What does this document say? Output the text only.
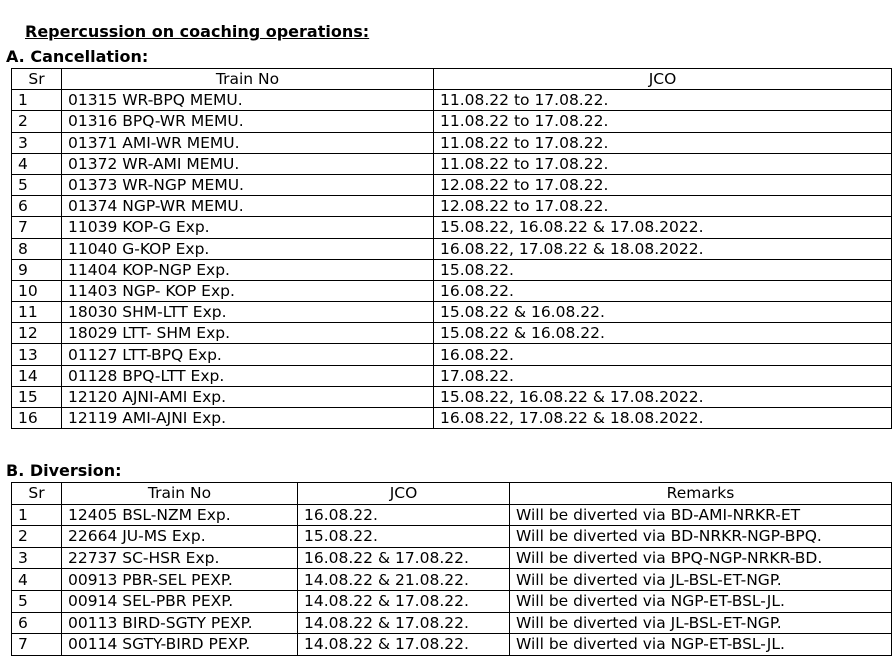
Repercussion on coaching operations:
A. Cancellation:
Sr	Train No	JCO
1	01315 WR-BPQ MEMU.	11.08.22 to 17.08.22.
2	01316 BPQ-WR MEMU.	11.08.22 to 17.08.22.
3	01371 AMI-WR MEMU.	11.08.22 to 17.08.22.
4	01372 WR-AMI MEMU.	11.08.22 to 17.08.22.
5	01373 WR-NGP MEMU.	12.08.22 to 17.08.22.
6	01374 NGP-WR MEMU.	12.08.22 to 17.08.22.
7	11039 KOP-G Exp.	15.08.22, 16.08.22 & 17.08.2022.
8	11040 G-KOP Exp.	16.08.22, 17.08.22 & 18.08.2022.
9	11404 KOP-NGP Exp.	15.08.22.
10	11403 NGP- KOP Exp.	16.08.22.
11	18030 SHM-LTT Exp.	15.08.22 & 16.08.22.
12	18029 LTT- SHM Exp.	15.08.22 & 16.08.22.
13	01127 LTT-BPQ Exp.	16.08.22.
14	01128 BPQ-LTT Exp.	17.08.22.
15	12120 AJNI-AMI Exp.	15.08.22, 16.08.22 & 17.08.2022.
16	12119 AMI-AJNI Exp.	16.08.22, 17.08.22 & 18.08.2022.
B. Diversion:
Sr	Train No	JCO	Remarks
1	12405 BSL-NZM Exp.	16.08.22.	Will be diverted via BD-AMI-NRKR-ET
2	22664 JU-MS Exp.	15.08.22.	Will be diverted via BD-NRKR-NGP-BPQ.
3	22737 SC-HSR Exp.	16.08.22 & 17.08.22.	Will be diverted via BPQ-NGP-NRKR-BD.
4	00913 PBR-SEL PEXP.	14.08.22 & 21.08.22.	Will be diverted via JL-BSL-ET-NGP.
5	00914 SEL-PBR PEXP.	14.08.22 & 17.08.22.	Will be diverted via NGP-ET-BSL-JL.
6	00113 BIRD-SGTY PEXP.	14.08.22 & 17.08.22.	Will be diverted via JL-BSL-ET-NGP.
7	00114 SGTY-BIRD PEXP.	14.08.22 & 17.08.22.	Will be diverted via NGP-ET-BSL-JL.
